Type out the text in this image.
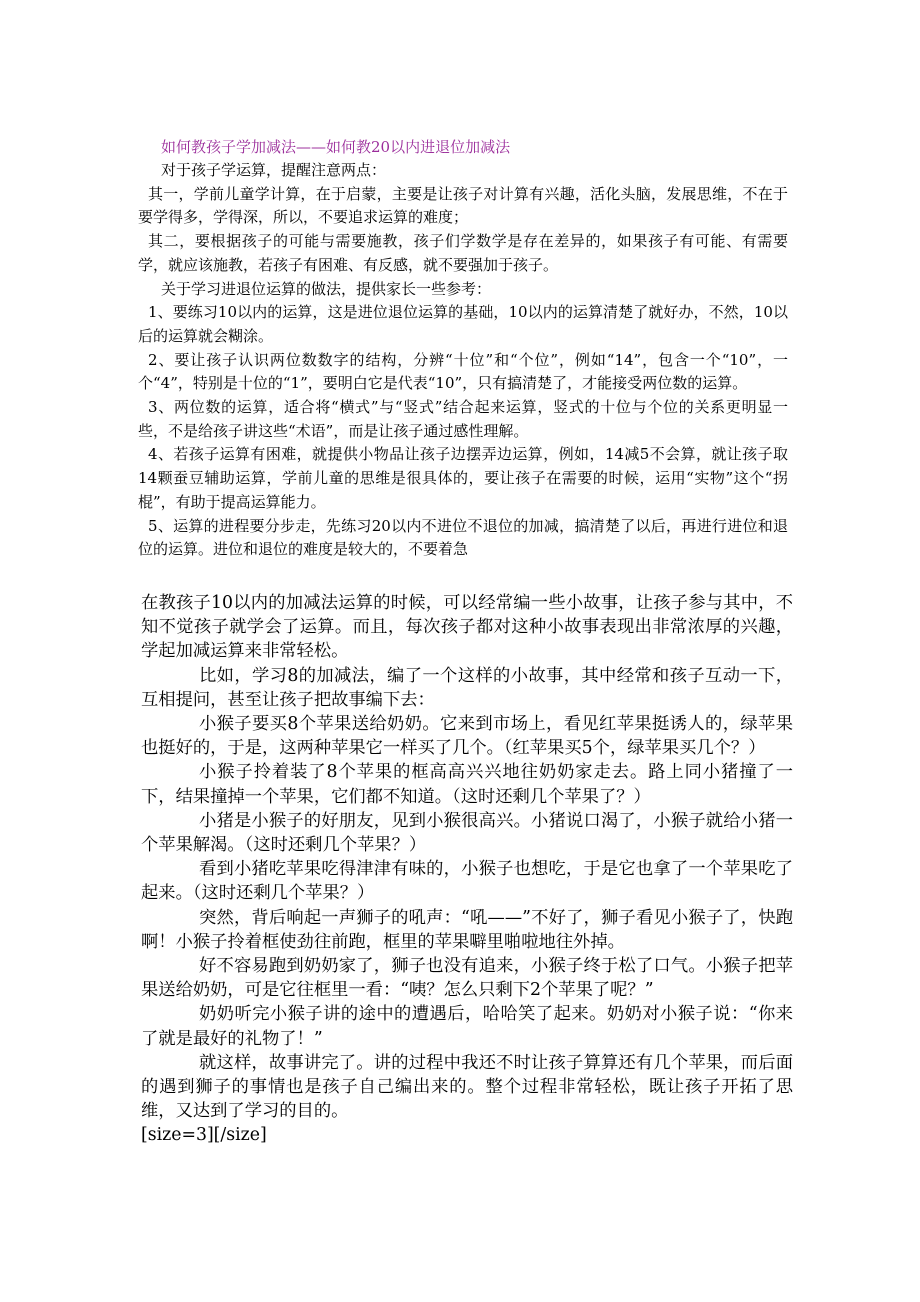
如何教孩子学加减法——如何教20以内进退位加减法

对于孩子学运算，提醒注意两点：

其一，学前儿童学计算，在于启蒙，主要是让孩子对计算有兴趣，活化头脑，发展思维，不在于要学得多，学得深，所以，不要追求运算的难度；

其二，要根据孩子的可能与需要施教，孩子们学数学是存在差异的，如果孩子有可能、有需要学，就应该施教，若孩子有困难、有反感，就不要强加于孩子。

关于学习进退位运算的做法，提供家长一些参考：

1、要练习10以内的运算，这是进位退位运算的基础，10以内的运算清楚了就好办，不然，10以后的运算就会糊涂。

2、要让孩子认识两位数数字的结构，分辨“十位”和“个位”，例如“14”，包含一个“10”，一个“4”，特别是十位的“1”，要明白它是代表“10”，只有搞清楚了，才能接受两位数的运算。

3、两位数的运算，适合将“横式”与“竖式”结合起来运算，竖式的十位与个位的关系更明显一些，不是给孩子讲这些“术语”，而是让孩子通过感性理解。

4、若孩子运算有困难，就提供小物品让孩子边摆弄边运算，例如，14减5不会算，就让孩子取14颗蚕豆辅助运算，学前儿童的思维是很具体的，要让孩子在需要的时候，运用“实物”这个“拐棍”，有助于提高运算能力。

5、运算的进程要分步走，先练习20以内不进位不退位的加减，搞清楚了以后，再进行进位和退位的运算。进位和退位的难度是较大的，不要着急

在教孩子10以内的加减法运算的时候，可以经常编一些小故事，让孩子参与其中，不知不觉孩子就学会了运算。而且，每次孩子都对这种小故事表现出非常浓厚的兴趣，学起加减运算来非常轻松。

比如，学习8的加减法，编了一个这样的小故事，其中经常和孩子互动一下，互相提问，甚至让孩子把故事编下去：

小猴子要买8个苹果送给奶奶。它来到市场上，看见红苹果挺诱人的，绿苹果也挺好的，于是，这两种苹果它一样买了几个。（红苹果买5个，绿苹果买几个？）

小猴子拎着装了8个苹果的框高高兴兴地往奶奶家走去。路上同小猪撞了一下，结果撞掉一个苹果，它们都不知道。（这时还剩几个苹果了？）

小猪是小猴子的好朋友，见到小猴很高兴。小猪说口渴了，小猴子就给小猪一个苹果解渴。（这时还剩几个苹果？）

看到小猪吃苹果吃得津津有味的，小猴子也想吃，于是它也拿了一个苹果吃了起来。（这时还剩几个苹果？）

突然，背后响起一声狮子的吼声：“吼——”不好了，狮子看见小猴子了，快跑啊！小猴子拎着框使劲往前跑，框里的苹果噼里啪啦地往外掉。

好不容易跑到奶奶家了，狮子也没有追来，小猴子终于松了口气。小猴子把苹果送给奶奶，可是它往框里一看：“咦？怎么只剩下2个苹果了呢？”

奶奶听完小猴子讲的途中的遭遇后，哈哈笑了起来。奶奶对小猴子说：“你来了就是最好的礼物了！”

就这样，故事讲完了。讲的过程中我还不时让孩子算算还有几个苹果，而后面的遇到狮子的事情也是孩子自己编出来的。整个过程非常轻松，既让孩子开拓了思维，又达到了学习的目的。

[size=3][/size]
